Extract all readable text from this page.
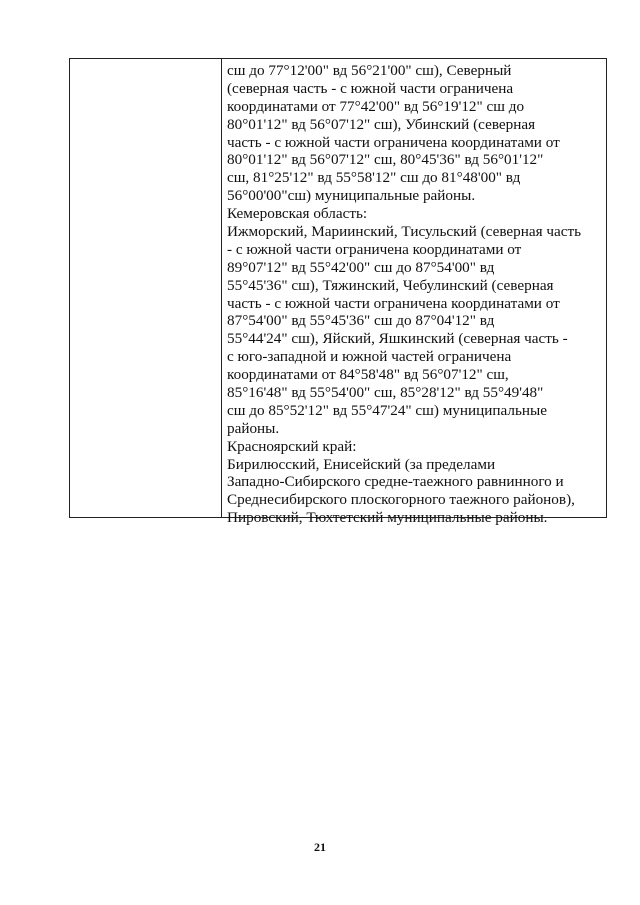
сш до 77°12'00" вд 56°21'00" сш), Северный
(северная часть - с южной части ограничена
координатами от 77°42'00" вд 56°19'12" сш до
80°01'12" вд 56°07'12" сш), Убинский (северная
часть - с южной части ограничена координатами от
80°01'12" вд 56°07'12" сш, 80°45'36" вд 56°01'12"
сш, 81°25'12" вд 55°58'12" сш до 81°48'00" вд
56°00'00"сш) муниципальные районы.
Кемеровская область:
Ижморский, Мариинский, Тисульский (северная часть
- с южной части ограничена координатами от
89°07'12" вд 55°42'00" сш до 87°54'00" вд
55°45'36" сш), Тяжинский, Чебулинский (северная
часть - с южной части ограничена координатами от
87°54'00" вд 55°45'36" сш до 87°04'12" вд
55°44'24" сш), Яйский, Яшкинский (северная часть -
с юго-западной и южной частей ограничена
координатами от 84°58'48" вд 56°07'12" сш,
85°16'48" вд 55°54'00" сш, 85°28'12" вд 55°49'48"
сш до 85°52'12" вд 55°47'24" сш) муниципальные
районы.
Красноярский край:
Бирилюсский, Енисейский (за пределами
Западно-Сибирского средне-таежного равнинного и
Среднесибирского плоскогорного таежного районов),
Пировский, Тюхтетский муниципальные районы.
21
